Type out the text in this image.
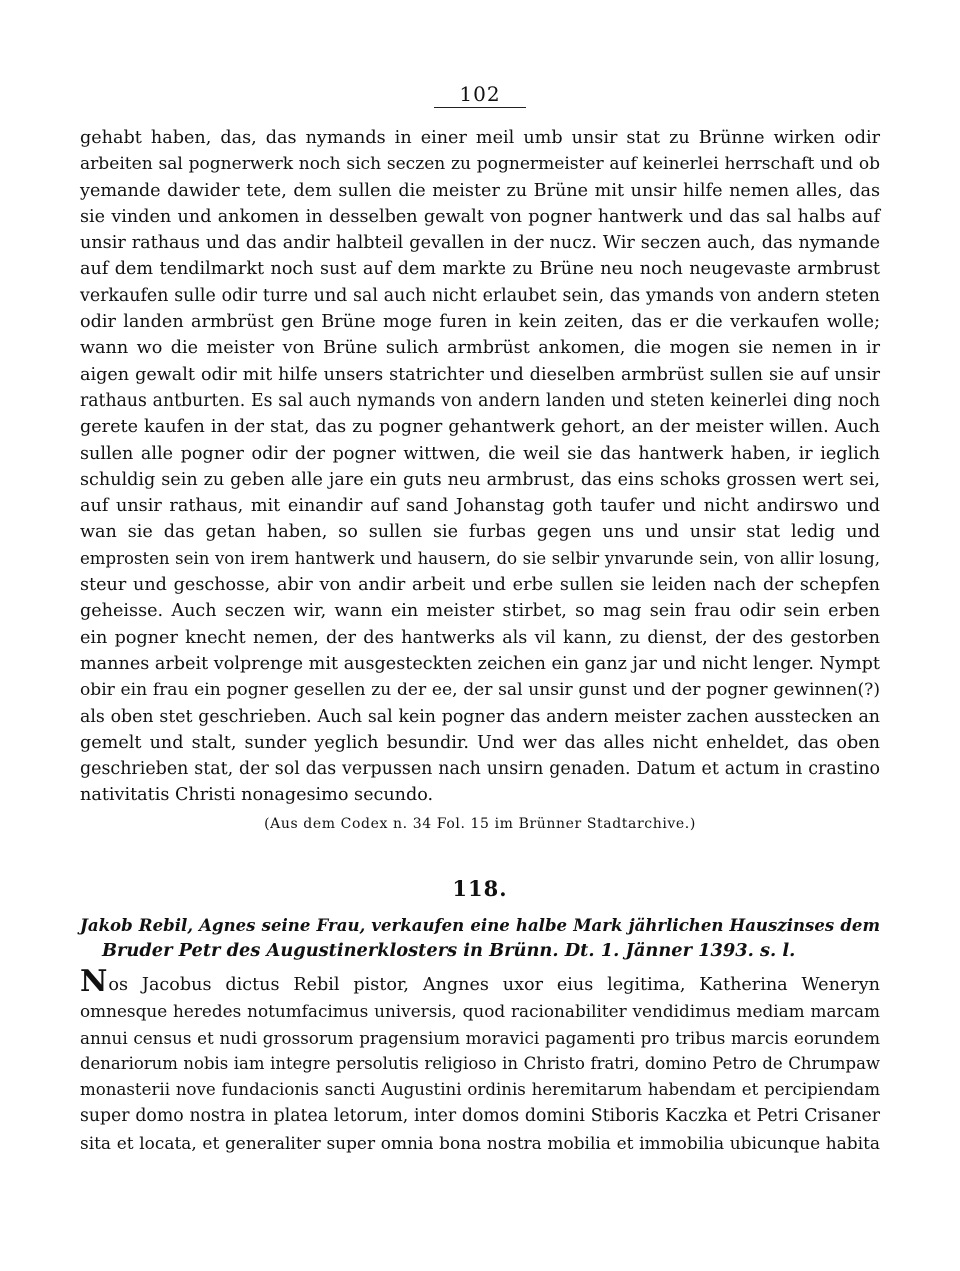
102
gehabt haben, das, das nymands in einer meil umb unsir stat zu Brünne wirken odir
arbeiten sal pognerwerk noch sich seczen zu pognermeister auf keinerlei herrschaft und ob
yemande dawider tete, dem sullen die meister zu Brüne mit unsir hilfe nemen alles, das
sie vinden und ankomen in desselben gewalt von pogner hantwerk und das sal halbs auf
unsir rathaus und das andir halbteil gevallen in der nucz. Wir seczen auch, das nymande
auf dem tendilmarkt noch sust auf dem markte zu Brüne neu noch neugevaste armbrust
verkaufen sulle odir turre und sal auch nicht erlaubet sein, das ymands von andern steten
odir landen armbrüst gen Brüne moge furen in kein zeiten, das er die verkaufen wolle;
wann wo die meister von Brüne sulich armbrüst ankomen, die mogen sie nemen in ir
aigen gewalt odir mit hilfe unsers statrichter und dieselben armbrüst sullen sie auf unsir
rathaus antburten. Es sal auch nymands von andern landen und steten keinerlei ding noch
gerete kaufen in der stat, das zu pogner gehantwerk gehort, an der meister willen. Auch
sullen alle pogner odir der pogner wittwen, die weil sie das hantwerk haben, ir ieglich
schuldig sein zu geben alle jare ein guts neu armbrust, das eins schoks grossen wert sei,
auf unsir rathaus, mit einandir auf sand Johanstag goth taufer und nicht andirswo und
wan sie das getan haben, so sullen sie furbas gegen uns und unsir stat ledig und
emprosten sein von irem hantwerk und hausern, do sie selbir ynvarunde sein, von allir losung,
steur und geschosse, abir von andir arbeit und erbe sullen sie leiden nach der schepfen
geheisse. Auch seczen wir, wann ein meister stirbet, so mag sein frau odir sein erben
ein pogner knecht nemen, der des hantwerks als vil kann, zu dienst, der des gestorben
mannes arbeit volprenge mit ausgesteckten zeichen ein ganz jar und nicht lenger. Nympt
obir ein frau ein pogner gesellen zu der ee, der sal unsir gunst und der pogner gewinnen(?)
als oben stet geschrieben. Auch sal kein pogner das andern meister zachen ausstecken an
gemelt und stalt, sunder yeglich besundir. Und wer das alles nicht enheldet, das oben
geschrieben stat, der sol das verpussen nach unsirn genaden. Datum et actum in crastino
nativitatis Christi nonagesimo secundo.
(Aus dem Codex n. 34 Fol. 15 im Brünner Stadtarchive.)
118.
Jakob Rebil, Agnes seine Frau, verkaufen eine halbe Mark jährlichen Hauszinses dem
Bruder Petr des Augustinerklosters in Brünn. Dt. 1. Jänner 1393. s. l.
Nos Jacobus dictus Rebil pistor, Angnes uxor eius legitima, Katherina Weneryn
omnesque heredes notumfacimus universis, quod racionabiliter vendidimus mediam marcam
annui census et nudi grossorum pragensium moravici pagamenti pro tribus marcis eorundem
denariorum nobis iam integre persolutis religioso in Christo fratri, domino Petro de Chrumpaw
monasterii nove fundacionis sancti Augustini ordinis heremitarum habendam et percipiendam
super domo nostra in platea letorum, inter domos domini Stiboris Kaczka et Petri Crisaner
sita et locata, et generaliter super omnia bona nostra mobilia et immobilia ubicunque habita
